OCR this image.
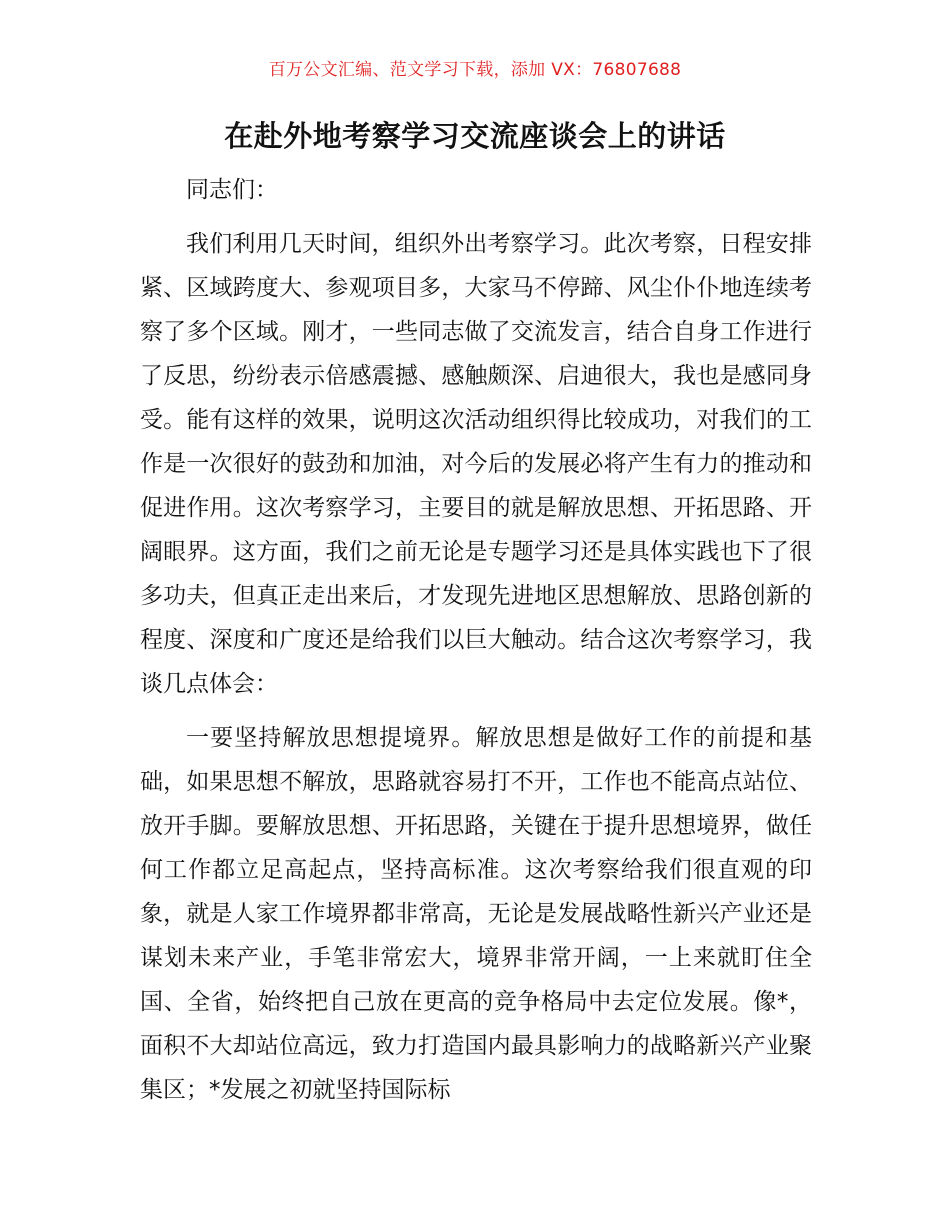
百万公文汇编、范文学习下载，添加 VX：76807688
在赴外地考察学习交流座谈会上的讲话

同志们：

我们利用几天时间，组织外出考察学习。此次考察，日程安排紧、区域跨度大、参观项目多，大家马不停蹄、风尘仆仆地连续考察了多个区域。刚才，一些同志做了交流发言，结合自身工作进行了反思，纷纷表示倍感震撼、感触颇深、启迪很大，我也是感同身受。能有这样的效果，说明这次活动组织得比较成功，对我们的工作是一次很好的鼓劲和加油，对今后的发展必将产生有力的推动和促进作用。这次考察学习，主要目的就是解放思想、开拓思路、开阔眼界。这方面，我们之前无论是专题学习还是具体实践也下了很多功夫，但真正走出来后，才发现先进地区思想解放、思路创新的程度、深度和广度还是给我们以巨大触动。结合这次考察学习，我谈几点体会：

一要坚持解放思想提境界。解放思想是做好工作的前提和基础，如果思想不解放，思路就容易打不开，工作也不能高点站位、放开手脚。要解放思想、开拓思路，关键在于提升思想境界，做任何工作都立足高起点，坚持高标准。这次考察给我们很直观的印象，就是人家工作境界都非常高，无论是发展战略性新兴产业还是谋划未来产业，手笔非常宏大，境界非常开阔，一上来就盯住全国、全省，始终把自己放在更高的竞争格局中去定位发展。像*，面积不大却站位高远，致力打造国内最具影响力的战略新兴产业聚集区；*发展之初就坚持国际标
